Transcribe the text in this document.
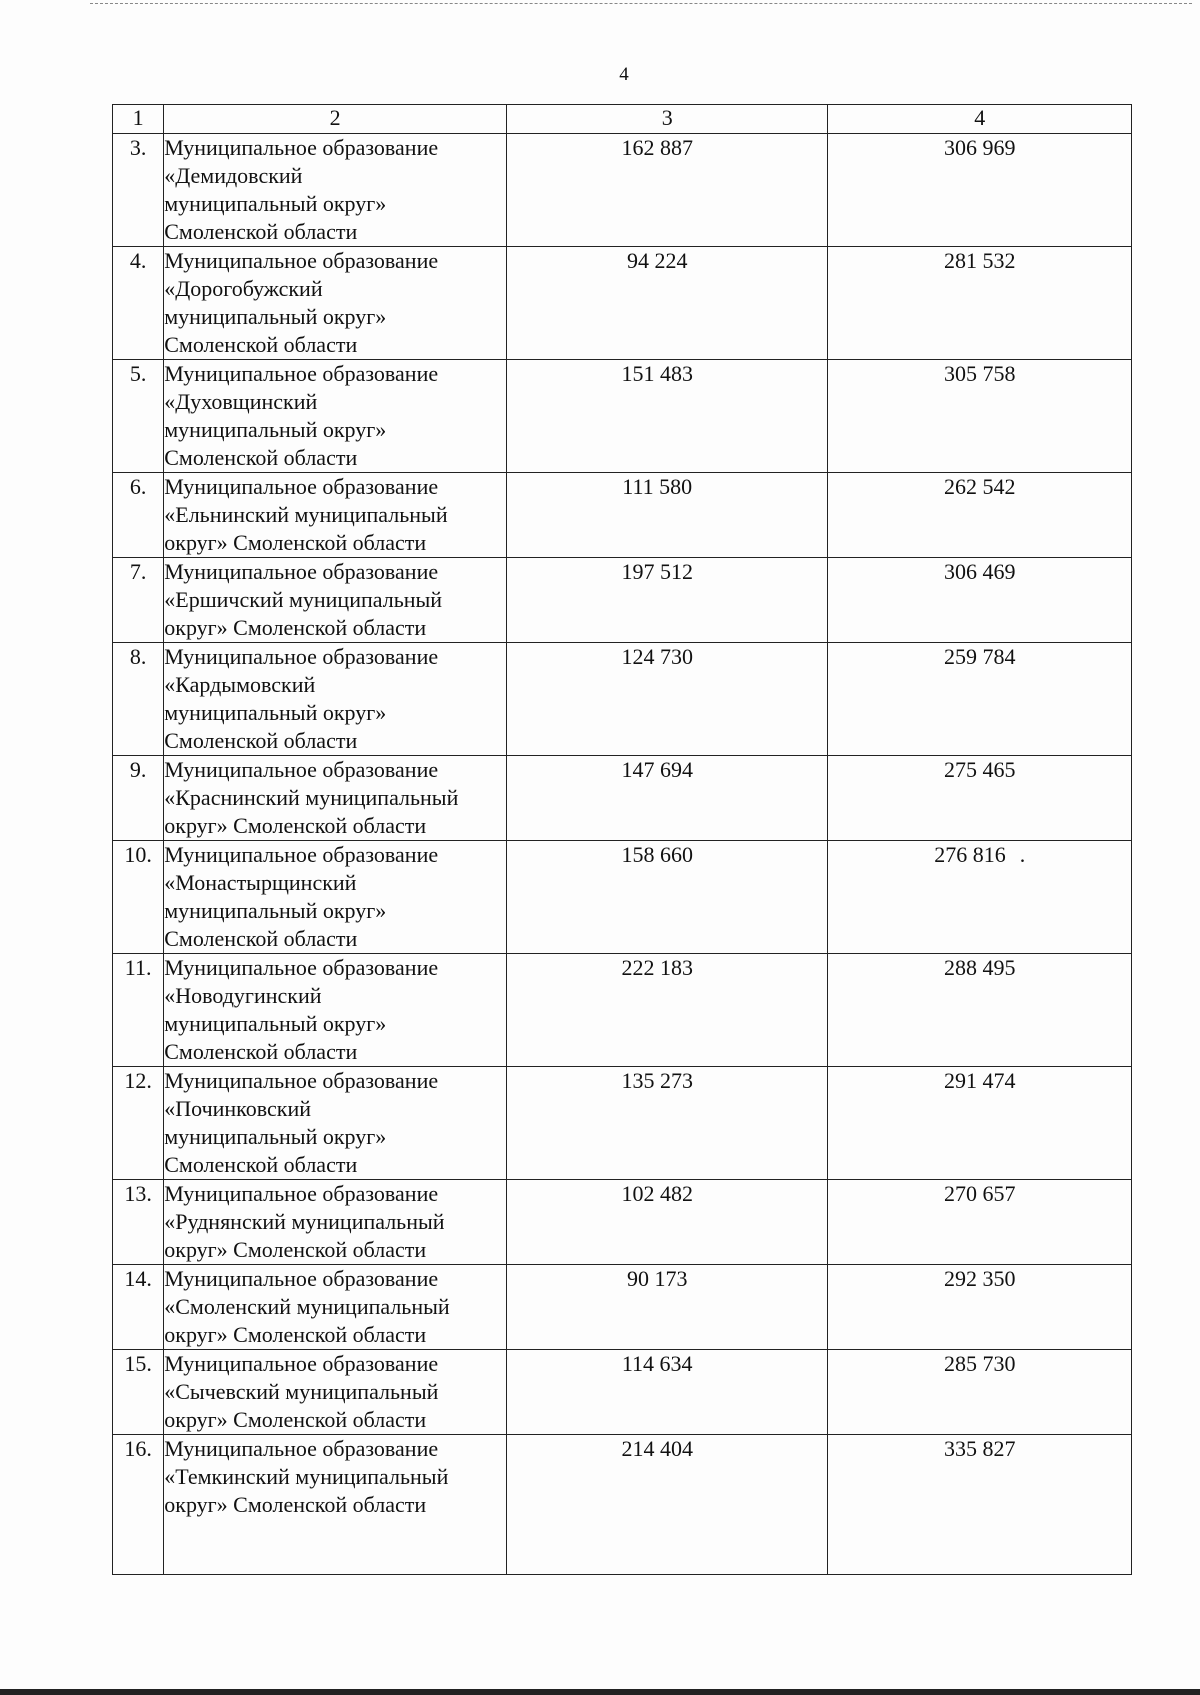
4
1	2	3	4
3.	Муниципальное образование
«Демидовский
муниципальный округ»
Смоленской области	162 887	306 969
4.	Муниципальное образование
«Дорогобужский
муниципальный округ»
Смоленской области	94 224	281 532
5.	Муниципальное образование
«Духовщинский
муниципальный округ»
Смоленской области	151 483	305 758
6.	Муниципальное образование
«Ельнинский муниципальный
округ» Смоленской области	111 580	262 542
7.	Муниципальное образование
«Ершичский муниципальный
округ» Смоленской области	197 512	306 469
8.	Муниципальное образование
«Кардымовский
муниципальный округ»
Смоленской области	124 730	259 784
9.	Муниципальное образование
«Краснинский муниципальный
округ» Смоленской области	147 694	275 465
10.	Муниципальное образование
«Монастырщинский
муниципальный округ»
Смоленской области	158 660	276 816 .
11.	Муниципальное образование
«Новодугинский
муниципальный округ»
Смоленской области	222 183	288 495
12.	Муниципальное образование
«Починковский
муниципальный округ»
Смоленской области	135 273	291 474
13.	Муниципальное образование
«Руднянский муниципальный
округ» Смоленской области	102 482	270 657
14.	Муниципальное образование
«Смоленский муниципальный
округ» Смоленской области	90 173	292 350
15.	Муниципальное образование
«Сычевский муниципальный
округ» Смоленской области	114 634	285 730
16.	Муниципальное образование
«Темкинский муниципальный
округ» Смоленской области	214 404	335 827
